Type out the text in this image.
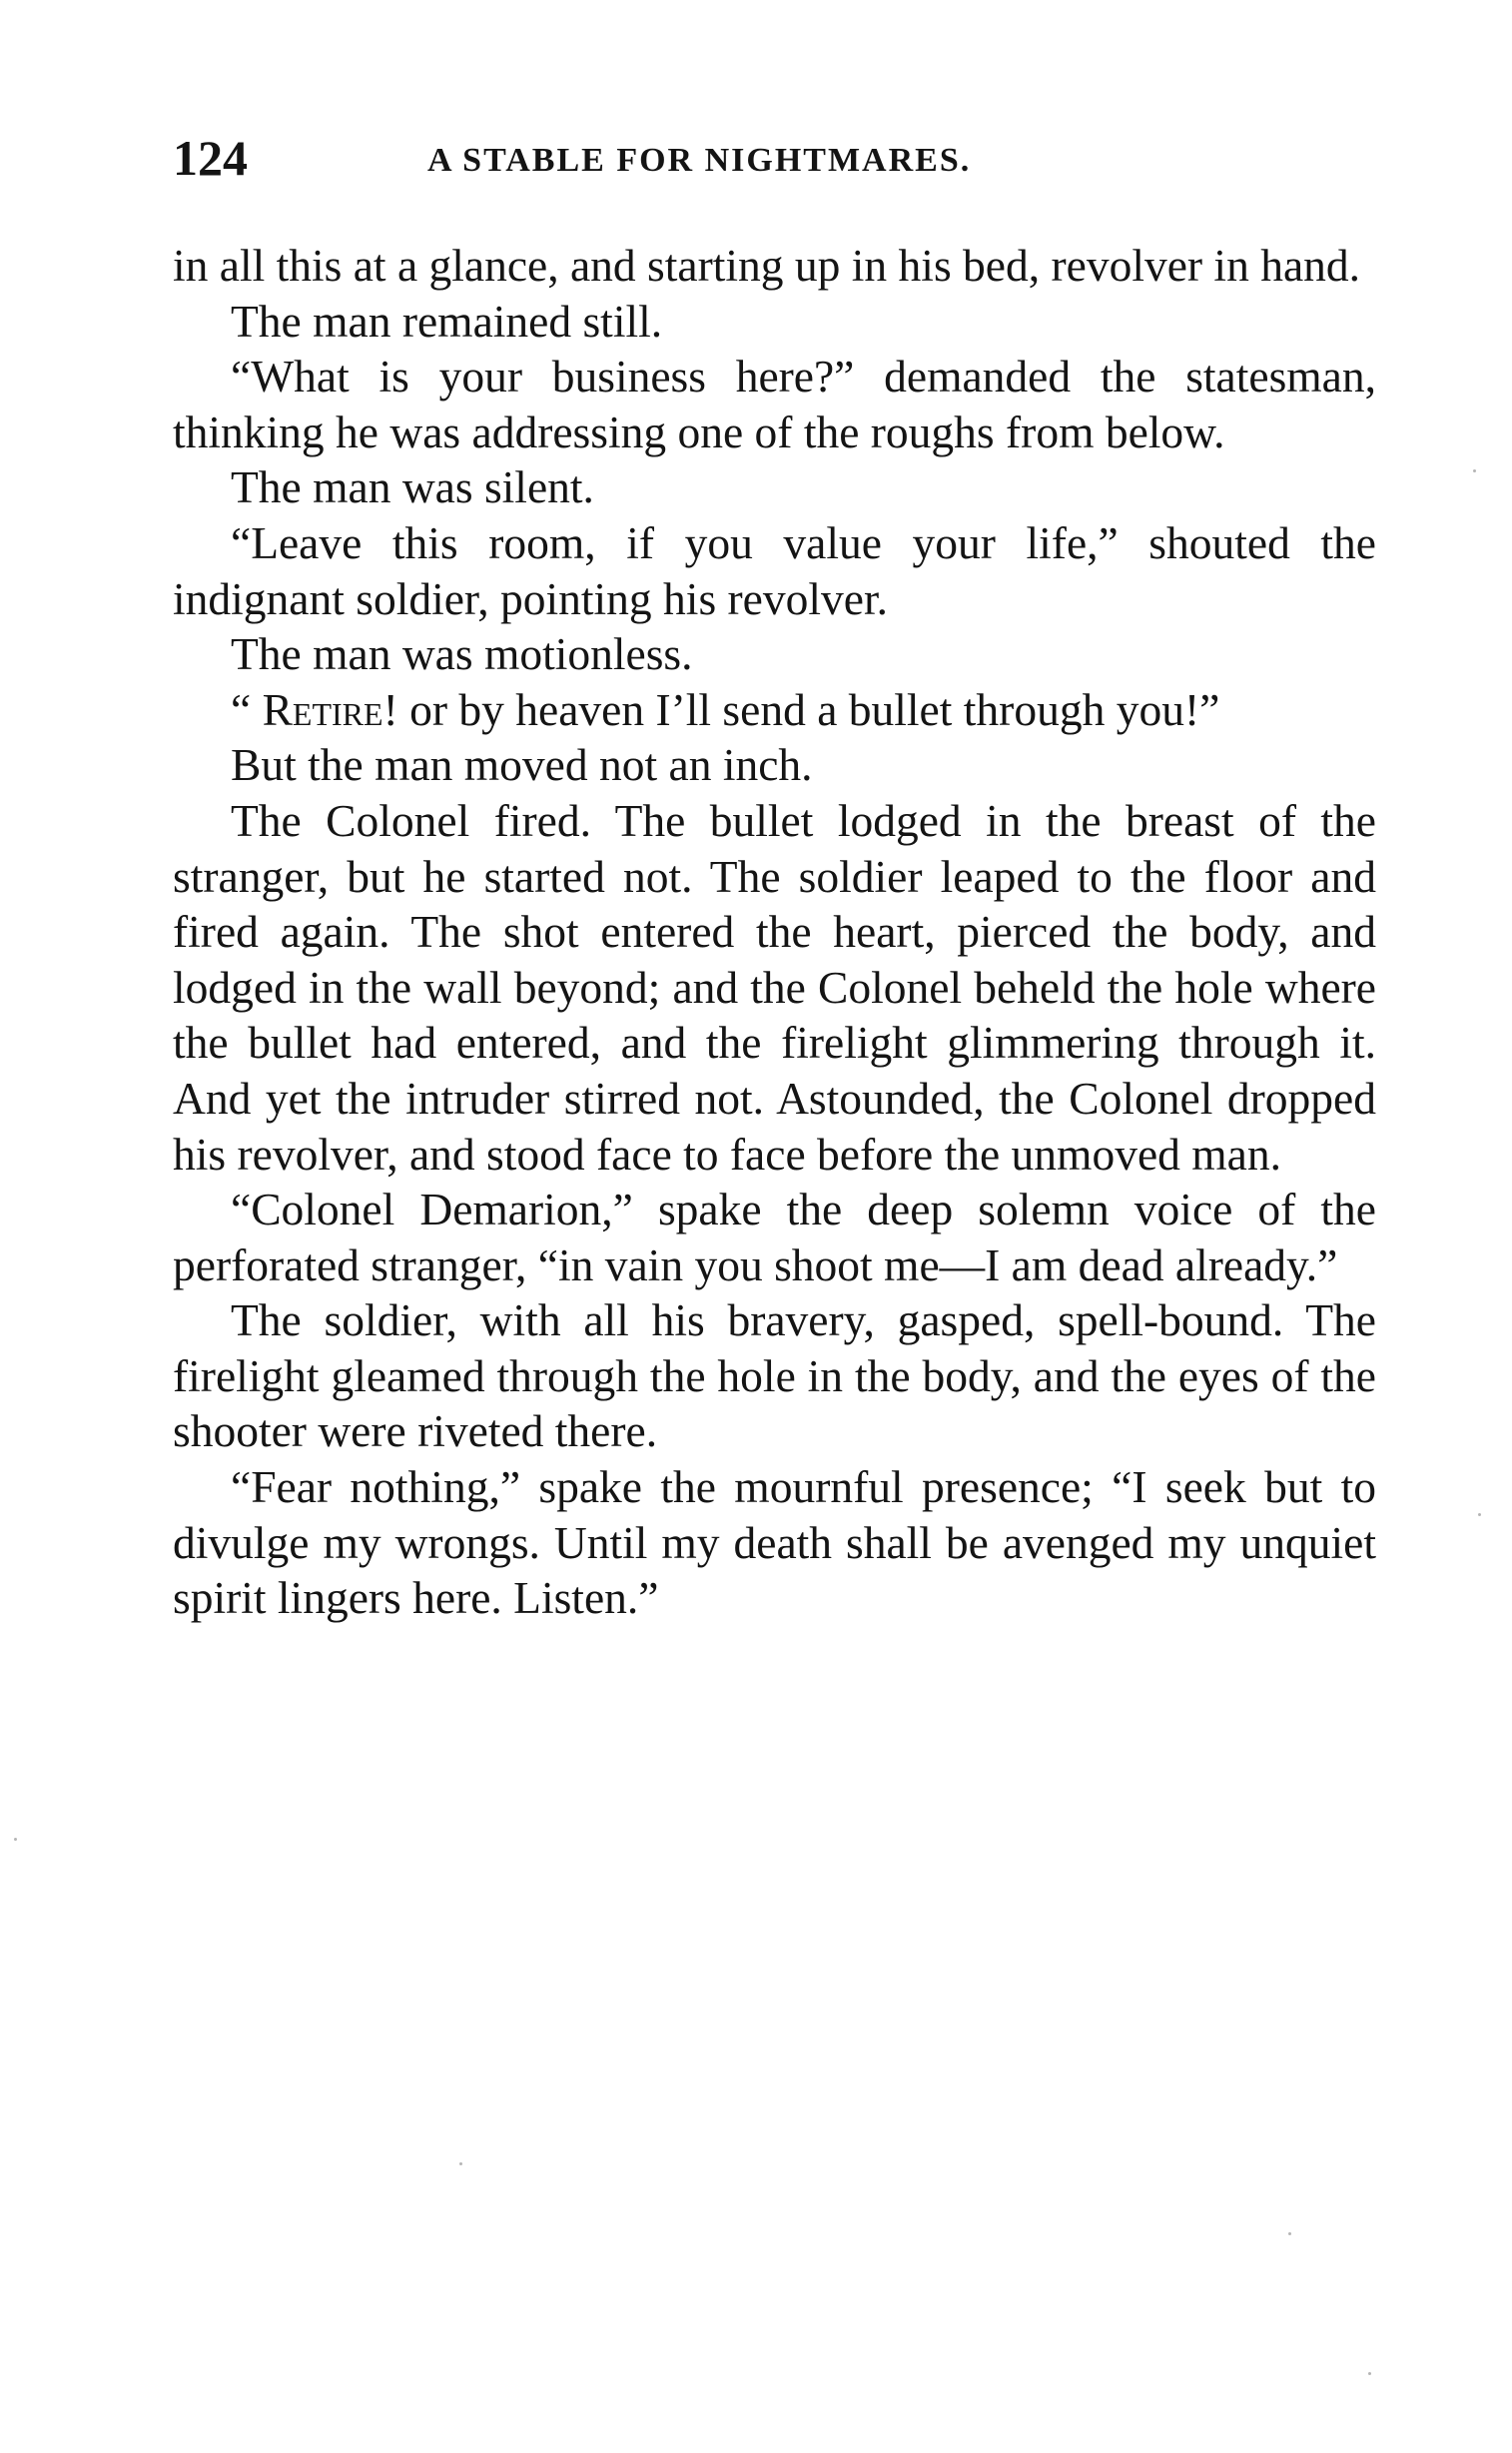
124	A STABLE FOR NIGHTMARES.

in all this at a glance, and starting up in his bed, revolver in hand.

The man remained still.

“What is your business here?” demanded the statesman, thinking he was addressing one of the roughs from below.

The man was silent.

“Leave this room, if you value your life,” shouted the indignant soldier, pointing his revolver.

The man was motionless.

“ Retire! or by heaven I’ll send a bullet through you!”

But the man moved not an inch.

The Colonel fired. The bullet lodged in the breast of the stranger, but he started not. The soldier leaped to the floor and fired again. The shot entered the heart, pierced the body, and lodged in the wall beyond; and the Colonel beheld the hole where the bullet had entered, and the firelight glimmering through it. And yet the intruder stirred not. Astounded, the Colonel dropped his revolver, and stood face to face before the unmoved man.

“Colonel Demarion,” spake the deep solemn voice of the perforated stranger, “in vain you shoot me—I am dead already.”

The soldier, with all his bravery, gasped, spell-bound. The firelight gleamed through the hole in the body, and the eyes of the shooter were riveted there.

“Fear nothing,” spake the mournful presence; “I seek but to divulge my wrongs. Until my death shall be avenged my unquiet spirit lingers here. Listen.”
